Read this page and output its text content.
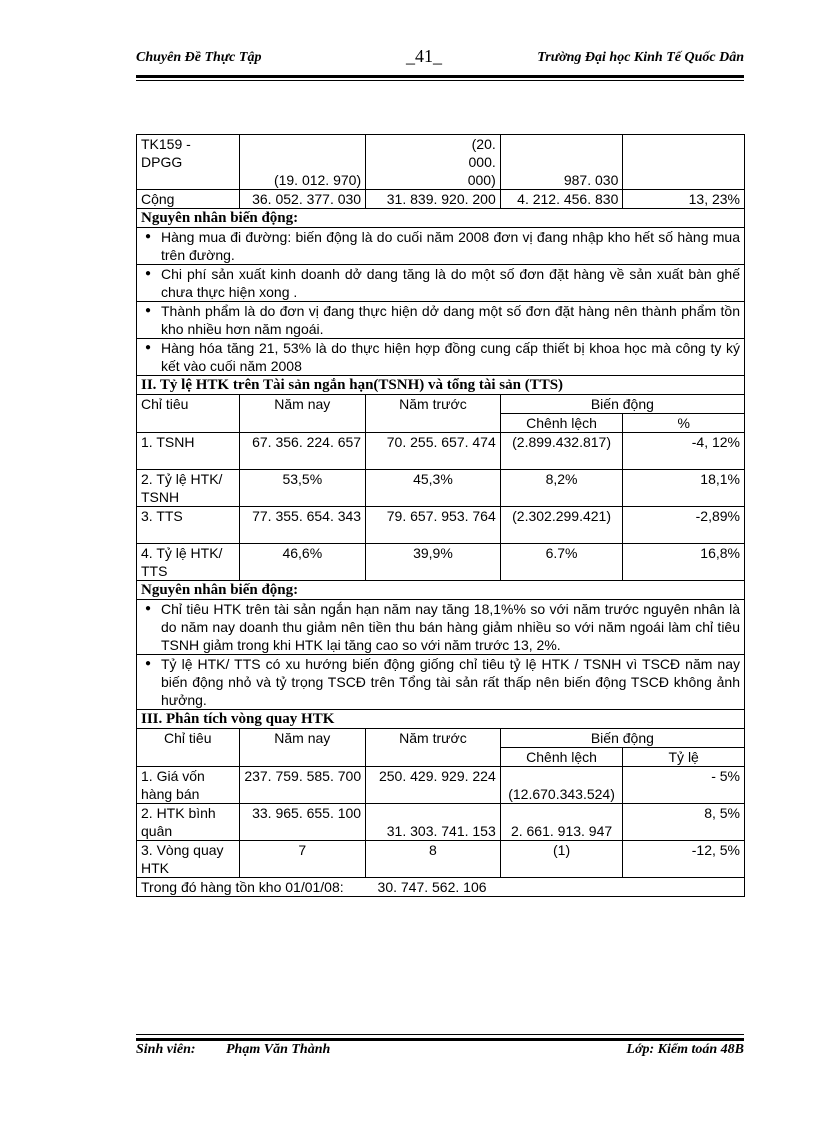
Chuyên Đề Thực Tập	_41_	Trường Đại học Kinh Tế Quốc Dân
TK159 - DPGG	(19. 012. 970)	(20. 000. 000)	987. 030	
Cộng	36. 052. 377. 030	31. 839. 920. 200	4. 212. 456. 830	13, 23%
Nguyên nhân biến động:				
● Hàng mua đi đường: biến động là do cuối năm 2008 đơn vị đang nhập kho hết số hàng mua trên đường.
● Chi phí sản xuất kinh doanh dở dang tăng là do một số đơn đặt hàng về sản xuất bàn ghế chưa thực hiện xong .
● Thành phẩm là do đơn vị đang thực hiện dở dang một số đơn đặt hàng nên thành phẩm tồn kho nhiều hơn năm ngoái.
● Hàng hóa tăng 21, 53% là do thực hiện hợp đồng cung cấp thiết bị khoa học mà công ty ký kết vào cuối năm 2008
II. Tỷ lệ HTK trên Tài sản ngắn hạn(TSNH) và tổng tài sản (TTS)				
Chỉ tiêu	Năm nay	Năm trước	Biến động	
			Chênh lệch	%
1. TSNH	67. 356. 224. 657	70. 255. 657. 474	(2.899.432.817)	-4, 12%
2. Tỷ lệ HTK/ TSNH	53,5%	45,3%	8,2%	18,1%
3. TTS	77. 355. 654. 343	79. 657. 953. 764	(2.302.299.421)	-2,89%
4. Tỷ lệ HTK/ TTS	46,6%	39,9%	6.7%	16,8%
Nguyên nhân biến động:				
● Chỉ tiêu HTK trên tài sản ngắn hạn năm nay tăng 18,1%% so với năm trước nguyên nhân là do năm nay doanh thu giảm nên tiền thu bán hàng giảm nhiều so với năm ngoái làm chỉ tiêu TSNH giảm trong khi HTK lại tăng cao so với năm trước 13, 2%.
● Tỷ lệ HTK/ TTS có xu hướng biến động giống chỉ tiêu tỷ lệ HTK / TSNH vì TSCĐ năm nay biến động nhỏ và tỷ trọng TSCĐ trên Tổng tài sản rất thấp nên biến động TSCĐ không ảnh hưởng.
III. Phân tích vòng quay HTK				
Chỉ tiêu	Năm nay	Năm trước	Biến động	
			Chênh lệch	Tỷ lệ
1. Giá vốn hàng bán	237. 759. 585. 700	250. 429. 929. 224	(12.670.343.524)	- 5%
2. HTK bình quân	33. 965. 655. 100	31. 303. 741. 153	2. 661. 913. 947	8, 5%
3. Vòng quay HTK	7	8	(1)	-12, 5%
Trong đó hàng tồn kho 01/01/08: 30. 747. 562. 106				
Sinh viên: Phạm Văn Thành	Lớp: Kiểm toán 48B
